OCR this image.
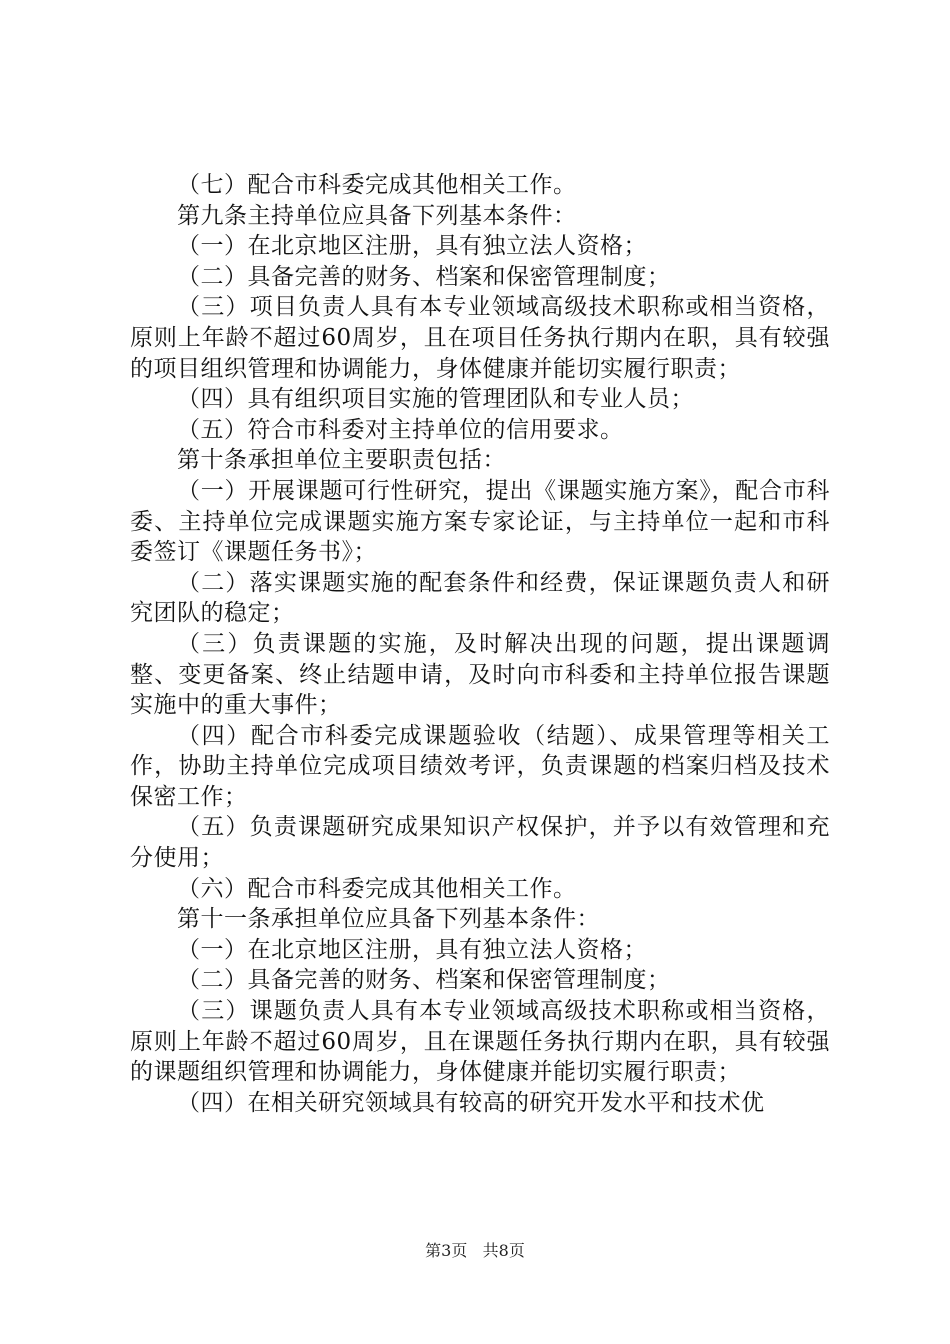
（七）配合市科委完成其他相关工作。

第九条主持单位应具备下列基本条件：

（一）在北京地区注册，具有独立法人资格；

（二）具备完善的财务、档案和保密管理制度；

（三）项目负责人具有本专业领域高级技术职称或相当资格，原则上年龄不超过60周岁，且在项目任务执行期内在职，具有较强的项目组织管理和协调能力，身体健康并能切实履行职责；

（四）具有组织项目实施的管理团队和专业人员；

（五）符合市科委对主持单位的信用要求。

第十条承担单位主要职责包括：

（一）开展课题可行性研究，提出《课题实施方案》，配合市科委、主持单位完成课题实施方案专家论证，与主持单位一起和市科委签订《课题任务书》；

（二）落实课题实施的配套条件和经费，保证课题负责人和研究团队的稳定；

（三）负责课题的实施，及时解决出现的问题，提出课题调整、变更备案、终止结题申请，及时向市科委和主持单位报告课题实施中的重大事件；

（四）配合市科委完成课题验收（结题）、成果管理等相关工作，协助主持单位完成项目绩效考评，负责课题的档案归档及技术保密工作；

（五）负责课题研究成果知识产权保护，并予以有效管理和充分使用；

（六）配合市科委完成其他相关工作。

第十一条承担单位应具备下列基本条件：

（一）在北京地区注册，具有独立法人资格；

（二）具备完善的财务、档案和保密管理制度；

（三）课题负责人具有本专业领域高级技术职称或相当资格，原则上年龄不超过60周岁，且在课题任务执行期内在职，具有较强的课题组织管理和协调能力，身体健康并能切实履行职责；

（四）在相关研究领域具有较高的研究开发水平和技术优

第3页 共8页
